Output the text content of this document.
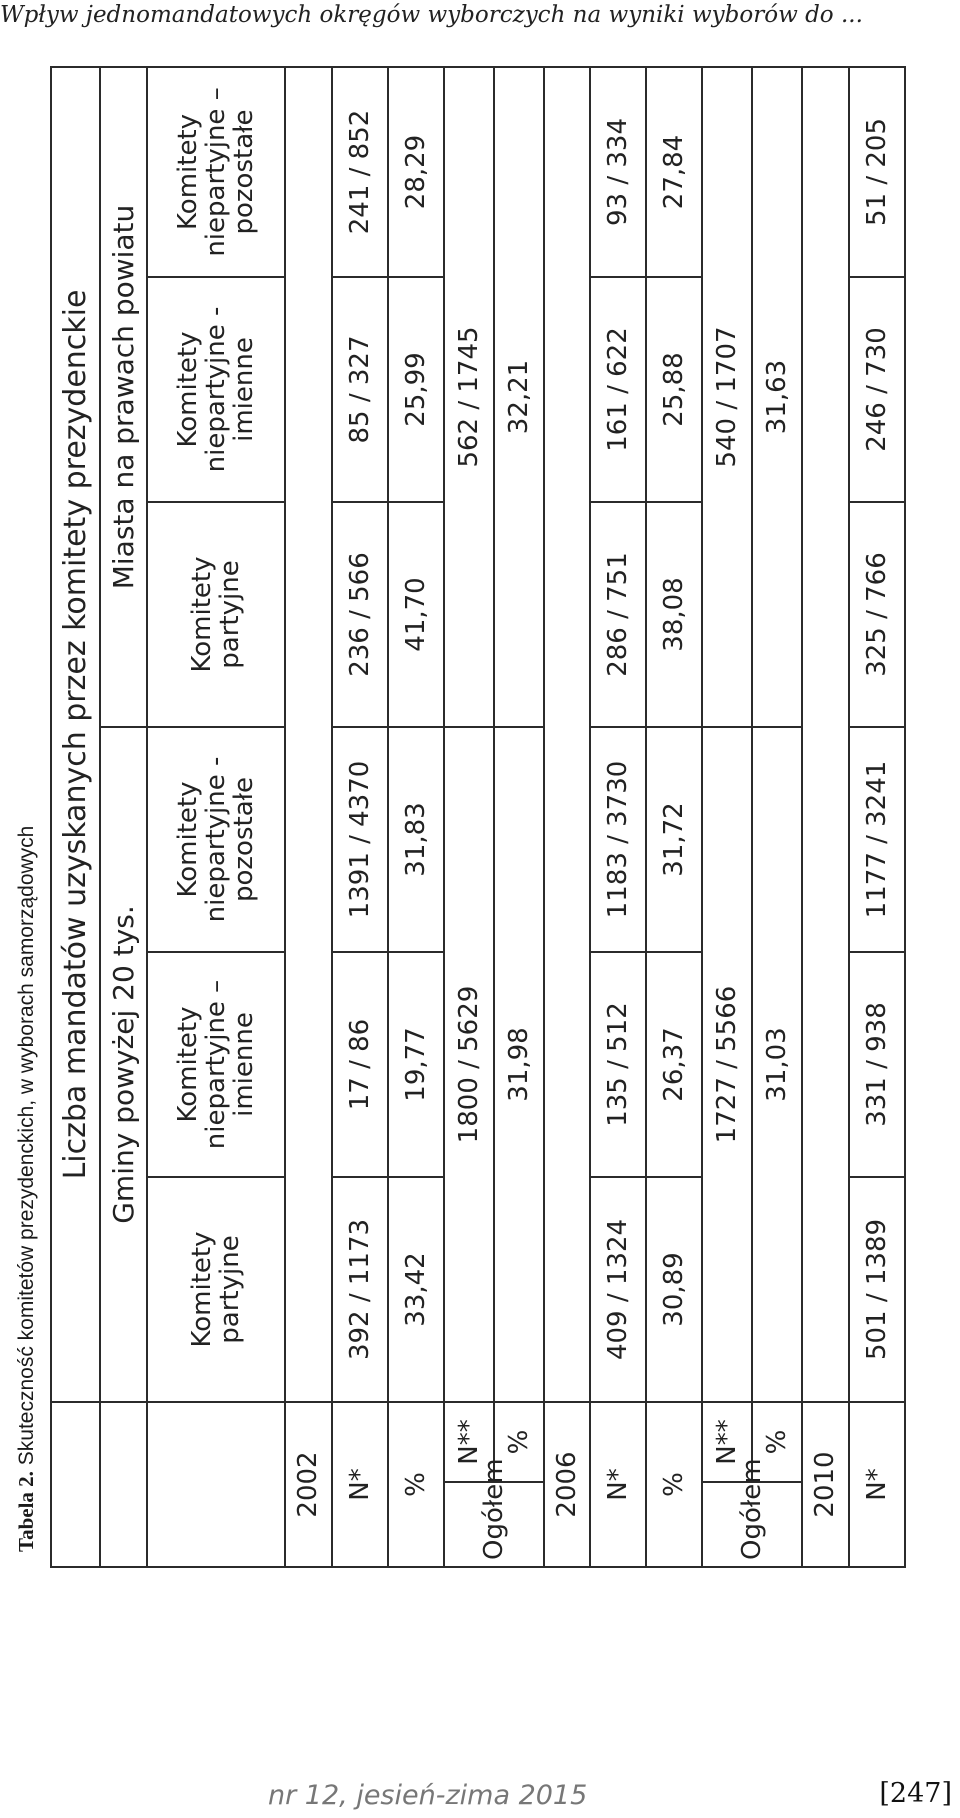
Wpływ jednomandatowych okręgów wyborczych na wyniki wyborów do ...
Tabela 2. Skuteczność komitetów prezydenckich, w wyborach samorządowych
		Liczba mandatów uzyskanych przez komitety prezydenckie					
		Gminy powyżej 20 tys.			Miasta na prawach powiatu		
		Komitety partyjne	Komitety niepartyjne – imienne	Komitety niepartyjne - pozostałe	Komitety partyjne	Komitety niepartyjne - imienne	Komitety niepartyjne – pozostałe
2002							
N*		392 / 1173	17 / 86	1391 / 4370	236 / 566	85 / 327	241 / 852
%		33,42	19,77	31,83	41,70	25,99	28,29
Ogółem	N**	1800 / 5629			562 / 1745		
	%	31,98			32,21		
2006							
N*		409 / 1324	135 / 512	1183 / 3730	286 / 751	161 / 622	93 / 334
%		30,89	26,37	31,72	38,08	25,88	27,84
Ogółem	N**	1727 / 5566			540 / 1707		
	%	31,03			31,63		
2010							
N*		501 / 1389	331 / 938	1177 / 3241	325 / 766	246 / 730	51 / 205
nr 12, jesień-zima 2015	[247]
